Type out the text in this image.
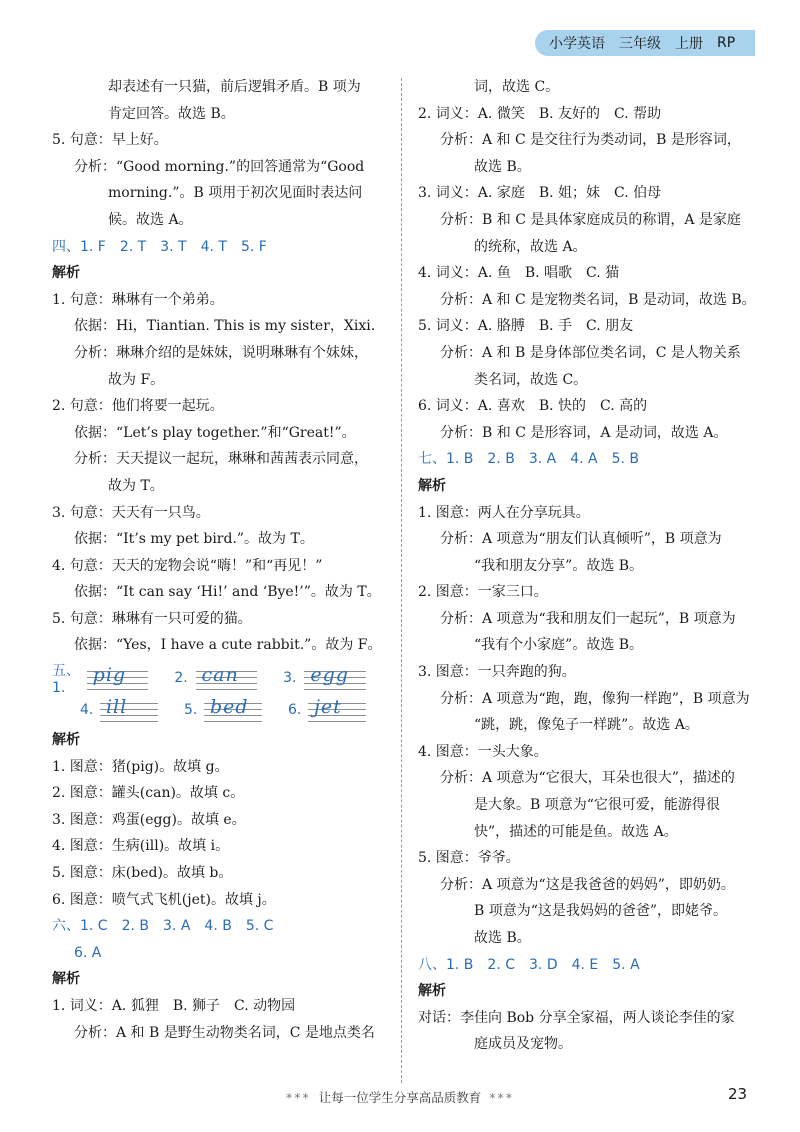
小学英语 三年级 上册 RP
却表述有一只猫，前后逻辑矛盾。B 项为
肯定回答。故选 B。
5. 句意：早上好。
分析：“Good morning.”的回答通常为“Good
morning.”。B 项用于初次见面时表达问
候。故选 A。
四、1. F 2. T 3. T 4. T 5. F
解析
1. 句意：琳琳有一个弟弟。
依据：Hi，Tiantian. This is my sister，Xixi.
分析：琳琳介绍的是妹妹，说明琳琳有个妹妹，
故为 F。
2. 句意：他们将要一起玩。
依据：“Let’s play together.”和“Great!”。
分析：天天提议一起玩，琳琳和茜茜表示同意，
故为 T。
3. 句意：天天有一只鸟。
依据：“It’s my pet bird.”。故为 T。
4. 句意：天天的宠物会说“嗨！”和“再见！”
依据：“It can say ‘Hi!’ and ‘Bye!’”。故为 T。
5. 句意：琳琳有一只可爱的猫。
依据：“Yes，I have a cute rabbit.”。故为 F。
五、1.
pig	2. can	3. egg
4. ill	5. bed	6. jet
解析
1. 图意：猪(pig)。故填 g。
2. 图意：罐头(can)。故填 c。
3. 图意：鸡蛋(egg)。故填 e。
4. 图意：生病(ill)。故填 i。
5. 图意：床(bed)。故填 b。
6. 图意：喷气式飞机(jet)。故填 j。
六、1. C 2. B 3. A 4. B 5. C
6. A
解析
1. 词义：A. 狐狸　B. 狮子　C. 动物园
分析：A 和 B 是野生动物类名词，C 是地点类名
词，故选 C。
2. 词义：A. 微笑　B. 友好的　C. 帮助
分析：A 和 C 是交往行为类动词，B 是形容词，
故选 B。
3. 词义：A. 家庭　B. 姐；妹　C. 伯母
分析：B 和 C 是具体家庭成员的称谓，A 是家庭
的统称，故选 A。
4. 词义：A. 鱼　B. 唱歌　C. 猫
分析：A 和 C 是宠物类名词，B 是动词，故选 B。
5. 词义：A. 胳膊　B. 手　C. 朋友
分析：A 和 B 是身体部位类名词，C 是人物关系
类名词，故选 C。
6. 词义：A. 喜欢　B. 快的　C. 高的
分析：B 和 C 是形容词，A 是动词，故选 A。
七、1. B 2. B 3. A 4. A 5. B
解析
1. 图意：两人在分享玩具。
分析：A 项意为“朋友们认真倾听”，B 项意为
“我和朋友分享”。故选 B。
2. 图意：一家三口。
分析：A 项意为“我和朋友们一起玩”，B 项意为
“我有个小家庭”。故选 B。
3. 图意：一只奔跑的狗。
分析：A 项意为“跑，跑，像狗一样跑”，B 项意为
“跳，跳，像兔子一样跳”。故选 A。
4. 图意：一头大象。
分析：A 项意为“它很大，耳朵也很大”，描述的
是大象。B 项意为“它很可爱，能游得很
快”，描述的可能是鱼。故选 A。
5. 图意：爷爷。
分析：A 项意为“这是我爸爸的妈妈”，即奶奶。
B 项意为“这是我妈妈的爸爸”，即姥爷。
故选 B。
八、1. B 2. C 3. D 4. E 5. A
解析
对话：李佳向 Bob 分享全家福，两人谈论李佳的家
庭成员及宠物。
*** 让每一位学生分享高品质教育 ***	23
